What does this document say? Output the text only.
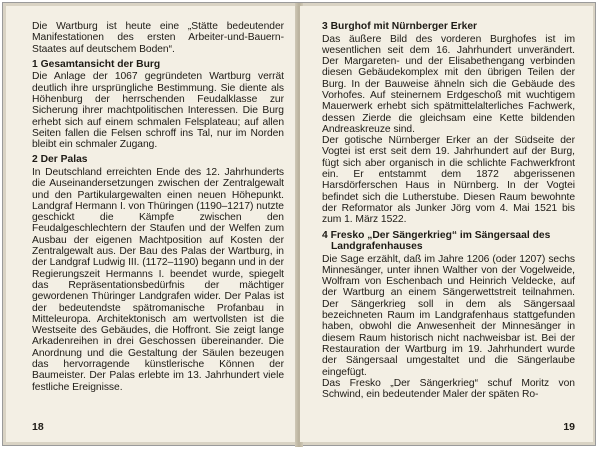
Die Wartburg ist heute eine „Stätte bedeutender Manifestationen des ersten Arbeiter-und-Bauern-Staates auf deutschem Boden“.

1 Gesamtansicht der Burg

Die Anlage der 1067 gegründeten Wartburg verrät deutlich ihre ursprüngliche Bestimmung. Sie diente als Höhenburg der herrschenden Feudalklasse zur Sicherung ihrer machtpolitischen Interessen. Die Burg erhebt sich auf einem schmalen Felsplateau; auf allen Seiten fallen die Felsen schroff ins Tal, nur im Norden bleibt ein schmaler Zugang.

2 Der Palas

In Deutschland erreichten Ende des 12. Jahrhunderts die Auseinandersetzungen zwischen der Zentralgewalt und den Partikulargewalten einen neuen Höhepunkt. Landgraf Hermann I. von Thüringen (1190–1217) nutzte geschickt die Kämpfe zwischen den Feudalgeschlechtern der Staufen und der Welfen zum Ausbau der eigenen Machtposition auf Kosten der Zentralgewalt aus. Der Bau des Palas der Wartburg, in der Landgraf Ludwig III. (1172–1190) begann und in der Regierungszeit Hermanns I. beendet wurde, spiegelt das Repräsentationsbedürfnis der mächtiger gewordenen Thüringer Landgrafen wider. Der Palas ist der bedeutendste spätromanische Profanbau in Mitteleuropa. Architektonisch am wertvollsten ist die Westseite des Gebäudes, die Hoffront. Sie zeigt lange Arkadenreihen in drei Geschossen übereinander. Die Anordnung und die Gestaltung der Säulen bezeugen das hervorragende künstlerische Können der Baumeister. Der Palas erlebte im 13. Jahrhundert viele festliche Ereignisse.

18
3 Burghof mit Nürnberger Erker

Das äußere Bild des vorderen Burghofes ist im wesentlichen seit dem 16. Jahrhundert unverändert. Der Margareten- und der Elisabethengang verbinden diesen Gebäudekomplex mit den übrigen Teilen der Burg. In der Bauweise ähneln sich die Gebäude des Vorhofes. Auf steinernem Erdgeschoß mit wuchtigem Mauerwerk erhebt sich spätmittelalterliches Fachwerk, dessen Zierde die gleichsam eine Kette bildenden Andreaskreuze sind.

Der gotische Nürnberger Erker an der Südseite der Vogtei ist erst seit dem 19. Jahrhundert auf der Burg, fügt sich aber organisch in die schlichte Fachwerkfront ein. Er entstammt dem 1872 abgerissenen Harsdörferschen Haus in Nürnberg. In der Vogtei befindet sich die Lutherstube. Diesen Raum bewohnte der Reformator als Junker Jörg vom 4. Mai 1521 bis zum 1. März 1522.

4 Fresko „Der Sängerkrieg“ im Sängersaal des Landgrafenhauses

Die Sage erzählt, daß im Jahre 1206 (oder 1207) sechs Minnesänger, unter ihnen Walther von der Vogelweide, Wolfram von Eschenbach und Heinrich Veldecke, auf der Wartburg an einem Sängerwettstreit teilnahmen. Der Sängerkrieg soll in dem als Sängersaal bezeichneten Raum im Landgrafenhaus stattgefunden haben, obwohl die Anwesenheit der Minnesänger in diesem Raum historisch nicht nachweisbar ist. Bei der Restauration der Wartburg im 19. Jahrhundert wurde der Sängersaal umgestaltet und die Sängerlaube eingefügt.

Das Fresko „Der Sängerkrieg“ schuf Moritz von Schwind, ein bedeutender Maler der späten Ro-

19
